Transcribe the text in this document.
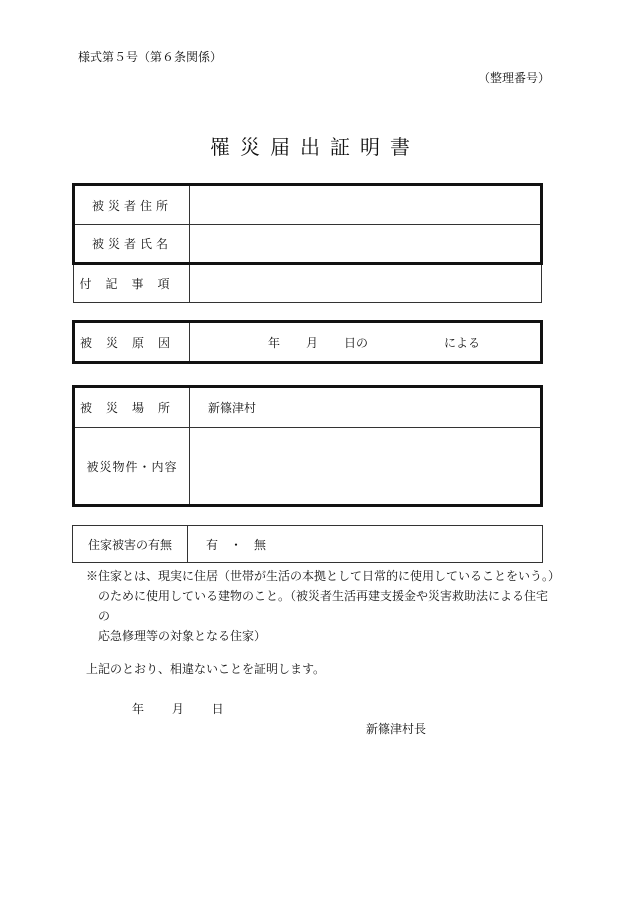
様式第５号（第６条関係）
（整理番号）
罹災届出証明書
被災者住所	
被災者氏名	
付記事項	
被災原因	年	月	日の	による
被災場所	新篠津村
被災物件・内容	
住家被害の有無	有　・　無
※住家とは、現実に住居（世帯が生活の本拠として日常的に使用していることをいう。）
のために使用している建物のこと。（被災者生活再建支援金や災害救助法による住宅の
応急修理等の対象となる住家）
上記のとおり、相違ないことを証明します。
年 月 日
新篠津村長
